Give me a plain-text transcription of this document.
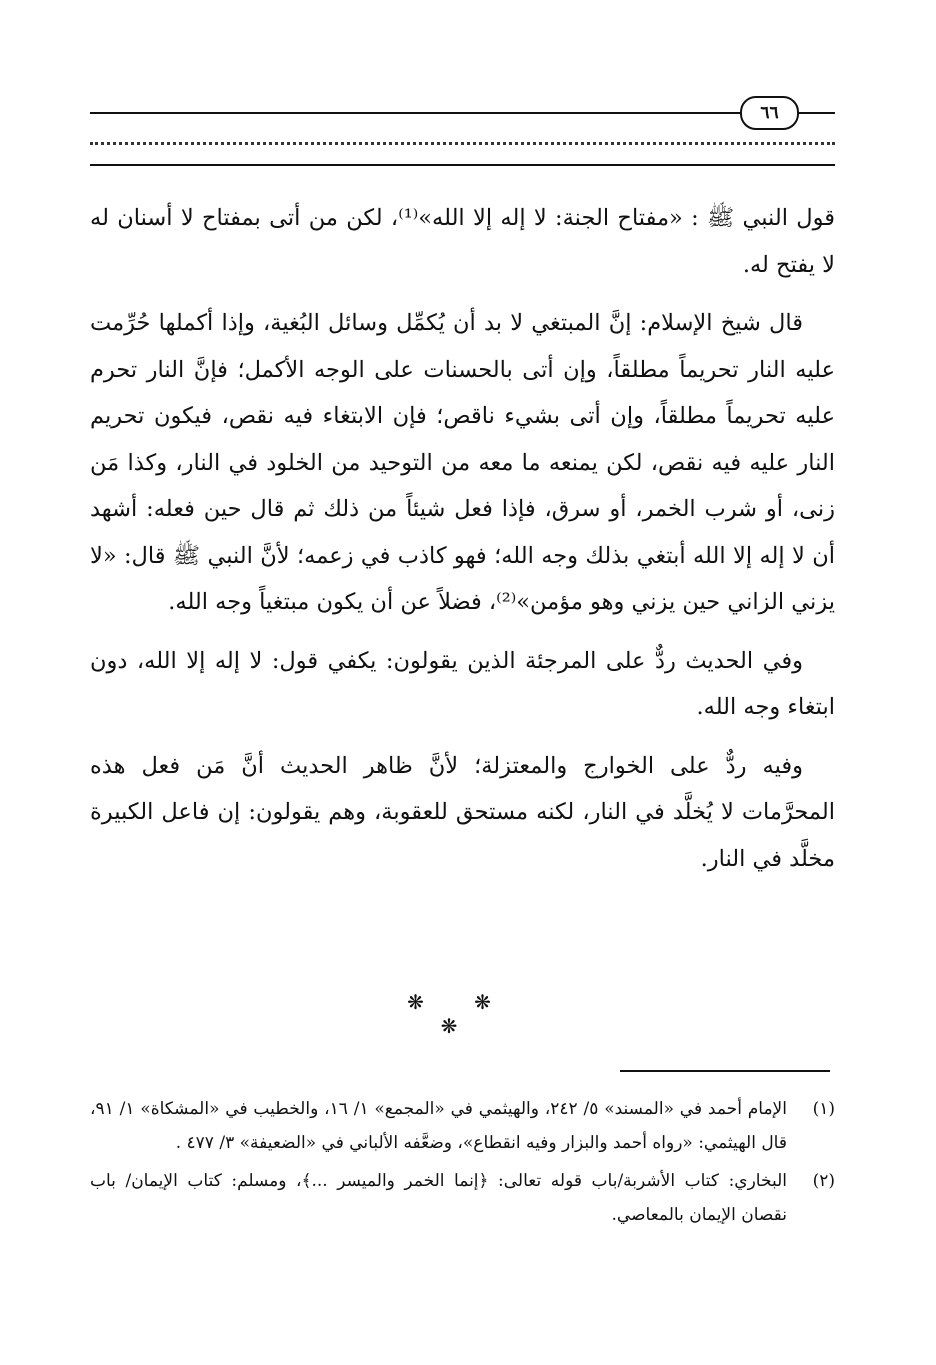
٦٦

قول النبي ﷺ : «مفتاح الجنة: لا إله إلا الله»⁽¹⁾، لكن من أتى بمفتاح لا أسنان له لا يفتح له.

قال شيخ الإسلام: إنَّ المبتغي لا بد أن يُكمِّل وسائل البُغية، وإذا أكملها حُرِّمت عليه النار تحريماً مطلقاً، وإن أتى بالحسنات على الوجه الأكمل؛ فإنَّ النار تحرم عليه تحريماً مطلقاً، وإن أتى بشيء ناقص؛ فإن الابتغاء فيه نقص، فيكون تحريم النار عليه فيه نقص، لكن يمنعه ما معه من التوحيد من الخلود في النار، وكذا مَن زنى، أو شرب الخمر، أو سرق، فإذا فعل شيئاً من ذلك ثم قال حين فعله: أشهد أن لا إله إلا الله أبتغي بذلك وجه الله؛ فهو كاذب في زعمه؛ لأنَّ النبي ﷺ قال: «لا يزني الزاني حين يزني وهو مؤمن»⁽²⁾، فضلاً عن أن يكون مبتغياً وجه الله.

وفي الحديث ردٌّ على المرجئة الذين يقولون: يكفي قول: لا إله إلا الله، دون ابتغاء وجه الله.

وفيه ردٌّ على الخوارج والمعتزلة؛ لأنَّ ظاهر الحديث أنَّ مَن فعل هذه المحرَّمات لا يُخلَّد في النار، لكنه مستحق للعقوبة، وهم يقولون: إن فاعل الكبيرة مخلَّد في النار.

❋ ❋ ❋
(١)
الإمام أحمد في «المسند» ٥/ ٢٤٢، والهيثمي في «المجمع» ١/ ١٦، والخطيب في «المشكاة» ١/ ٩١، قال الهيثمي: «رواه أحمد والبزار وفيه انقطاع»، وضعَّفه الألباني في «الضعيفة» ٣/ ٤٧٧ .
(٢)
البخاري: كتاب الأشربة/باب قوله تعالى: ﴿إنما الخمر والميسر ...﴾، ومسلم: كتاب الإيمان/ باب نقصان الإيمان بالمعاصي.
